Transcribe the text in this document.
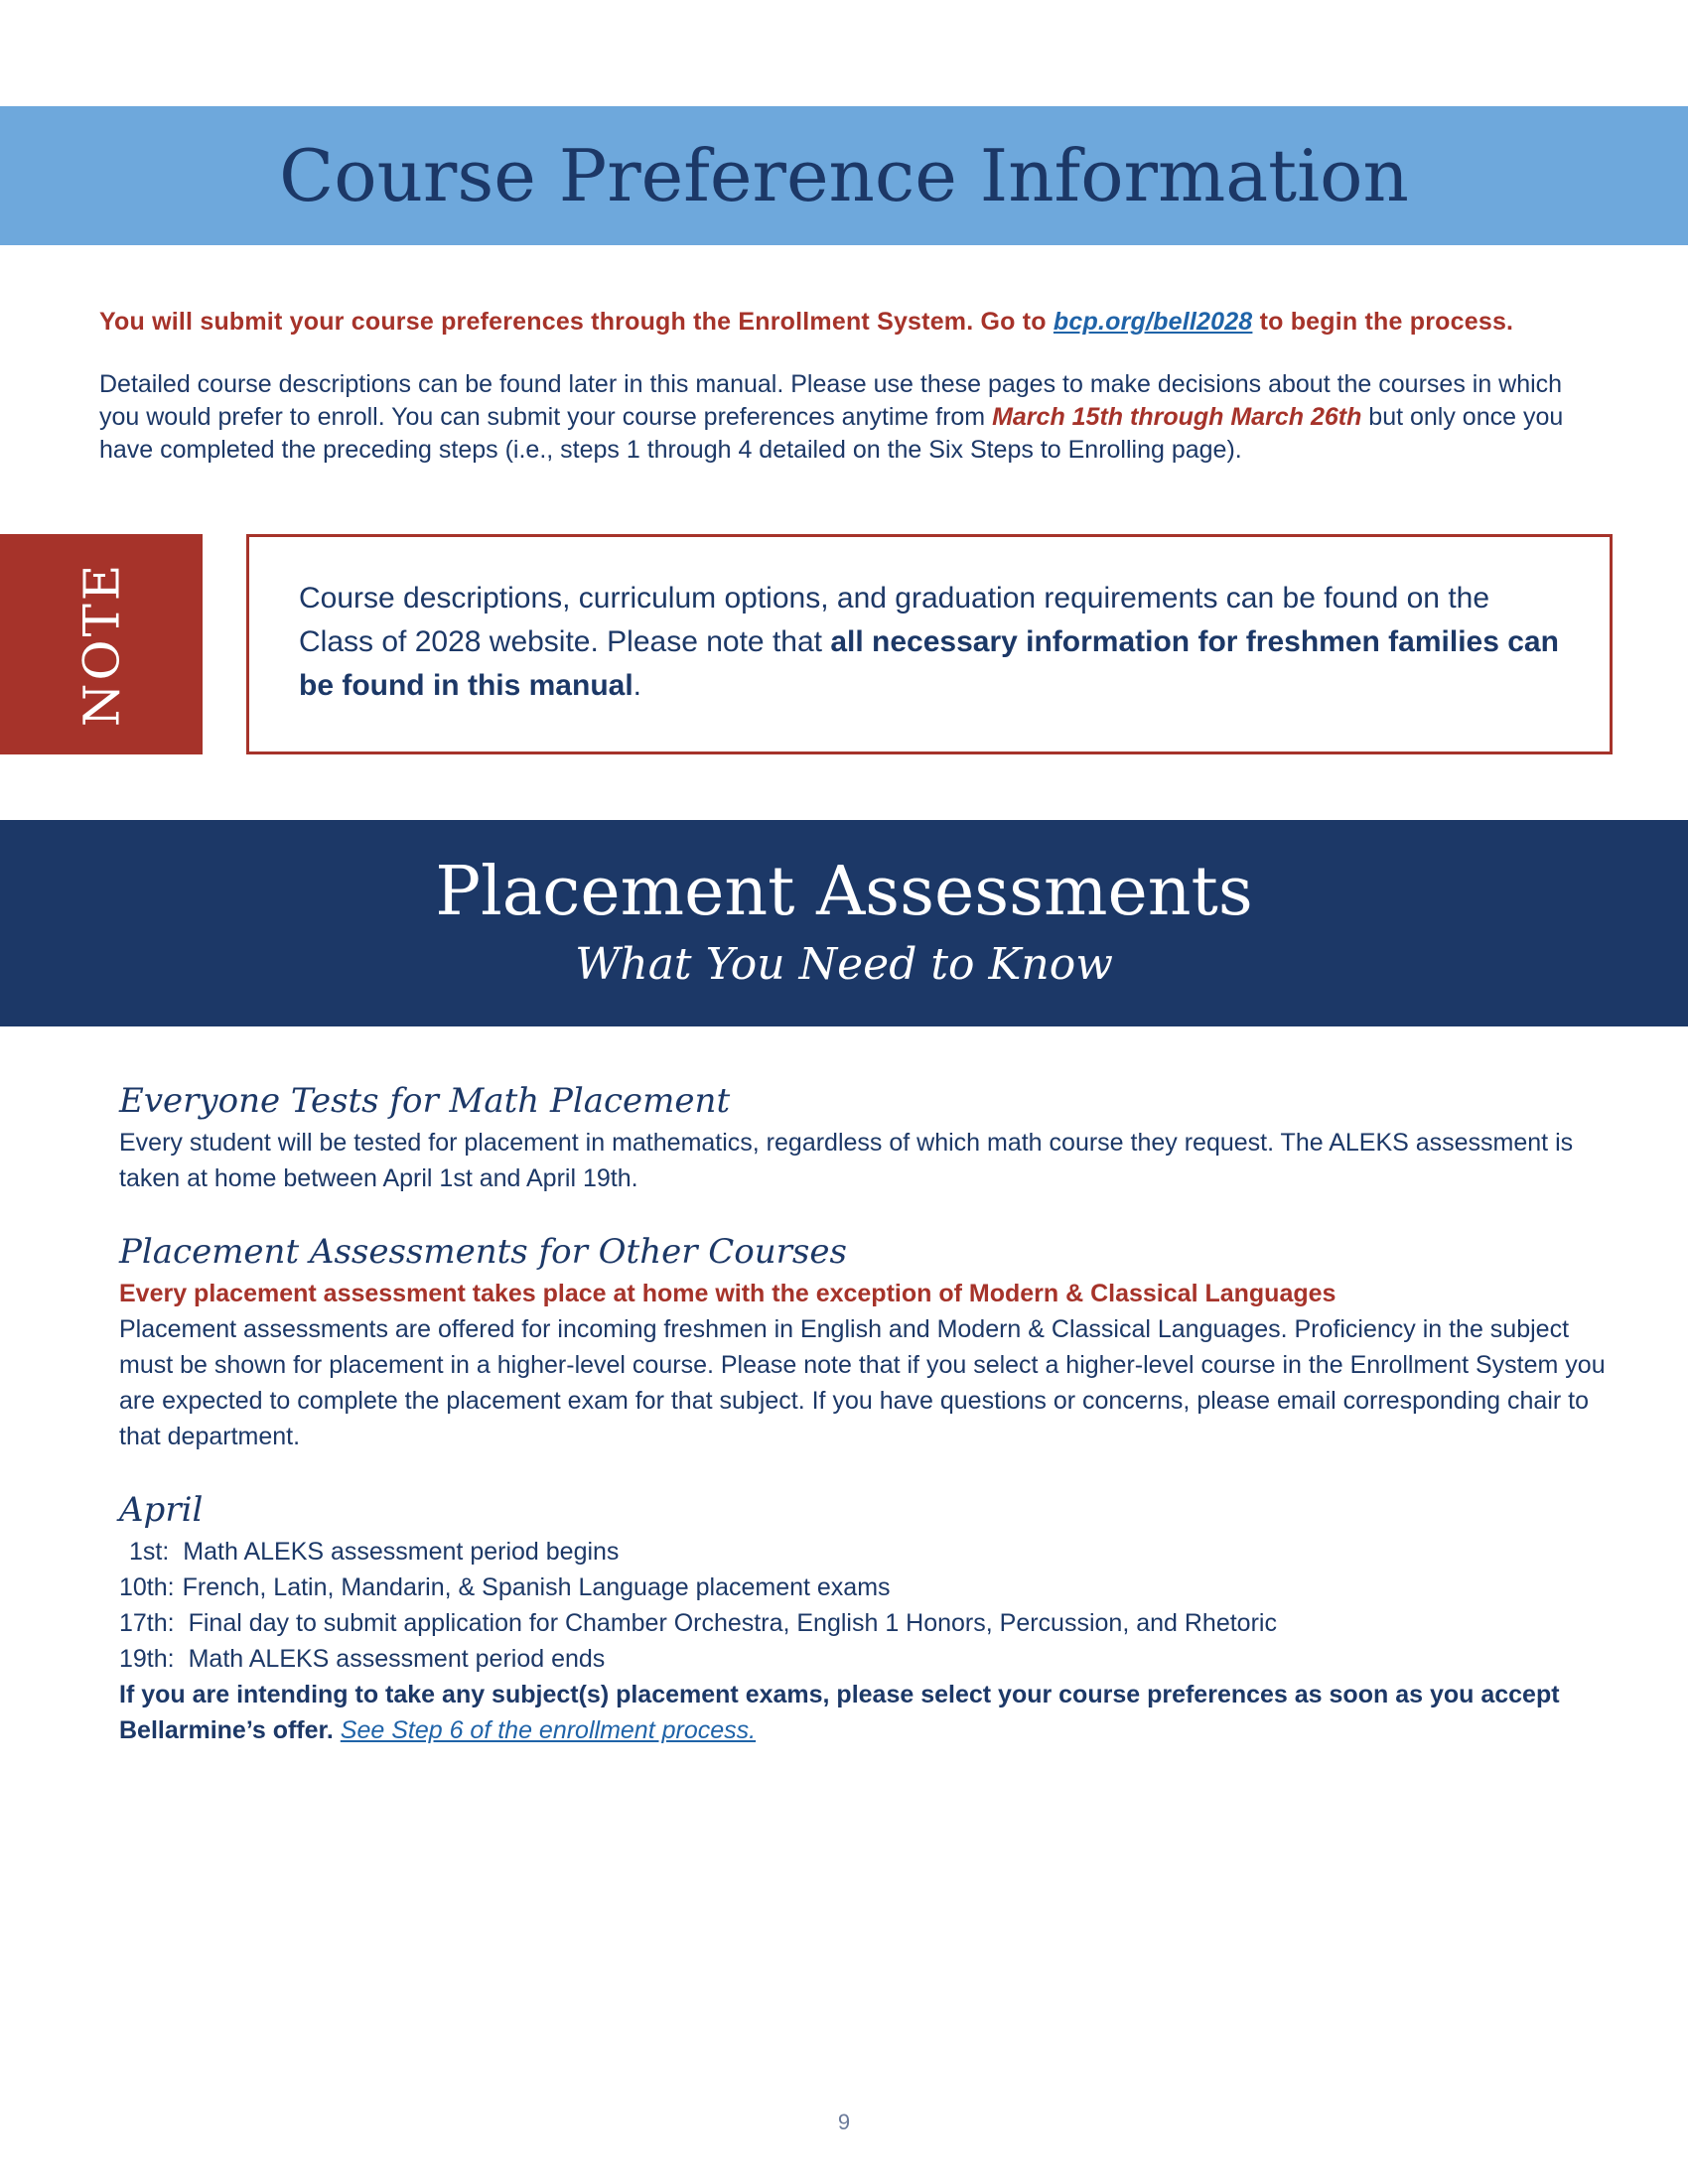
Course Preference Information

You will submit your course preferences through the Enrollment System. Go to bcp.org/bell2028 to begin the process.

Detailed course descriptions can be found later in this manual. Please use these pages to make decisions about the courses in which you would prefer to enroll. You can submit your course preferences anytime from March 15th through March 26th but only once you have completed the preceding steps (i.e., steps 1 through 4 detailed on the Six Steps to Enrolling page).

NOTE	Course descriptions, curriculum options, and graduation requirements can be found on the Class of 2028 website. Please note that all necessary information for freshmen families can be found in this manual.

Placement Assessments
What You Need to Know
Everyone Tests for Math Placement

Every student will be tested for placement in mathematics, regardless of which math course they request. The ALEKS assessment is taken at home between April 1st and April 19th.

Placement Assessments for Other Courses

Every placement assessment takes place at home with the exception of Modern & Classical Languages

Placement assessments are offered for incoming freshmen in English and Modern & Classical Languages. Proficiency in the subject must be shown for placement in a higher-level course. Please note that if you select a higher-level course in the Enrollment System you are expected to complete the placement exam for that subject. If you have questions or concerns, please email corresponding chair to that department.

April
1st: Math ALEKS assessment period begins
10th: French, Latin, Mandarin, & Spanish Language placement exams
17th: Final day to submit application for Chamber Orchestra, English 1 Honors, Percussion, and Rhetoric
19th: Math ALEKS assessment period ends

If you are intending to take any subject(s) placement exams, please select your course preferences as soon as you accept Bellarmine’s offer. See Step 6 of the enrollment process.

9
